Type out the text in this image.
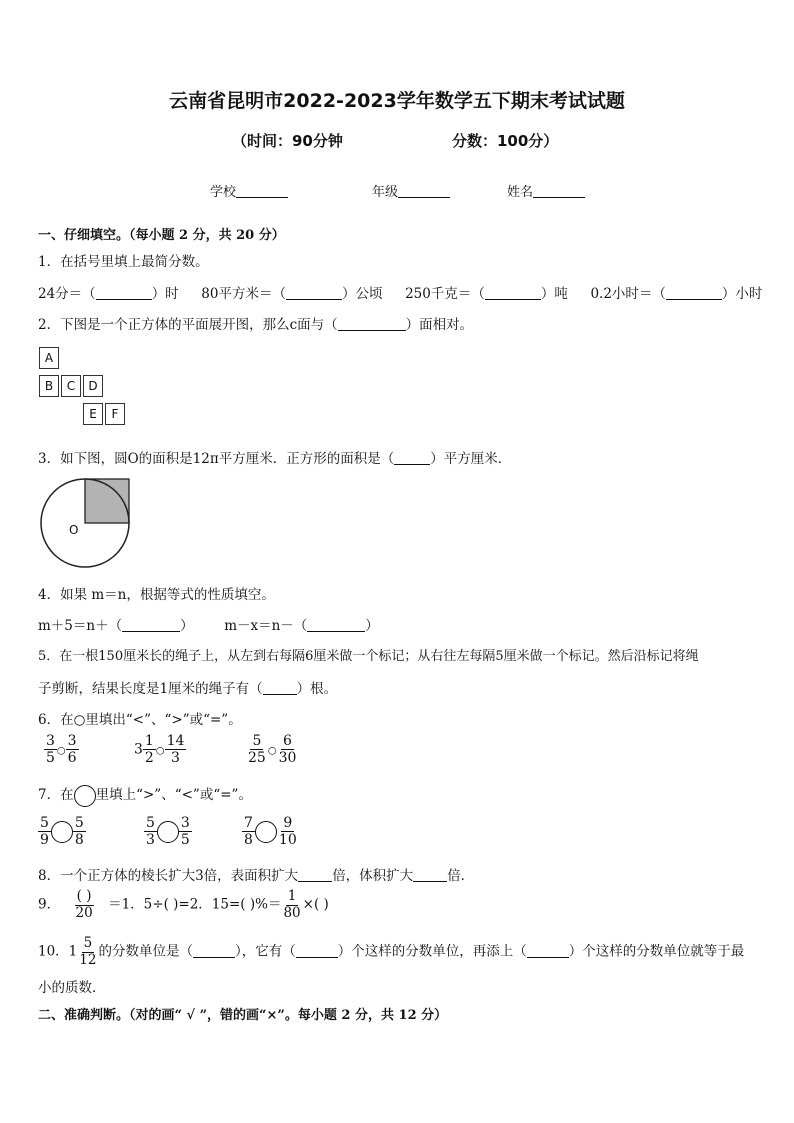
云南省昆明市2022-2023学年数学五下期末考试试题
（时间：90分钟	分数：100分）
学校	年级	姓名
一、仔细填空。（每小题 2 分，共 20 分）
1．在括号里填上最简分数。
24分＝（	）时 80平方米＝（	）公顷 250千克＝（	）吨 0.2小时＝（	）小时
2．下图是一个正方体的平面展开图，那么c面与（	）面相对。
A
B	C	D
E	F
3．如下图，圆O的面积是12π平方厘米．正方形的面积是（	）平方厘米．
O
4．如果 m＝n，根据等式的性质填空。
m＋5＝n＋（	） m－x＝n－（	）
5．在一根150厘米长的绳子上，从左到右每隔6厘米做一个标记；从右往左每隔5厘米做一个标记。然后沿标记将绳
子剪断，结果长度是1厘米的绳子有（	）根。
6．在○里填出“<”、“>”或“=”。
$\frac{3}{5}$ ○ $\frac{3}{6}$	$3 \frac{1}{2}$ ○ $\frac{14}{3}$	$\frac{5}{25}$ ○ $\frac{6}{30}$
7．在 里填上“>”、“<”或“=”。
$\frac{5}{9} \frac{5}{8}$	$\frac{5}{3} \frac{3}{5}$	$\frac{7}{8} \frac{9}{10}$
8．一个正方体的棱长扩大3倍，表面积扩大	倍，体积扩大	倍．
9． $\frac{( )}{20} =1$．5÷( )=2．15=( )%＝ $\frac{1}{80}$ ×( )
10．$1 \frac{5}{12}$ 的分数单位是（	），它有（	）个这样的分数单位，再添上（	）个这样的分数单位就等于最
小的质数．
二、准确判断。（对的画“ √ ”，错的画“×”。每小题 2 分，共 12 分）
